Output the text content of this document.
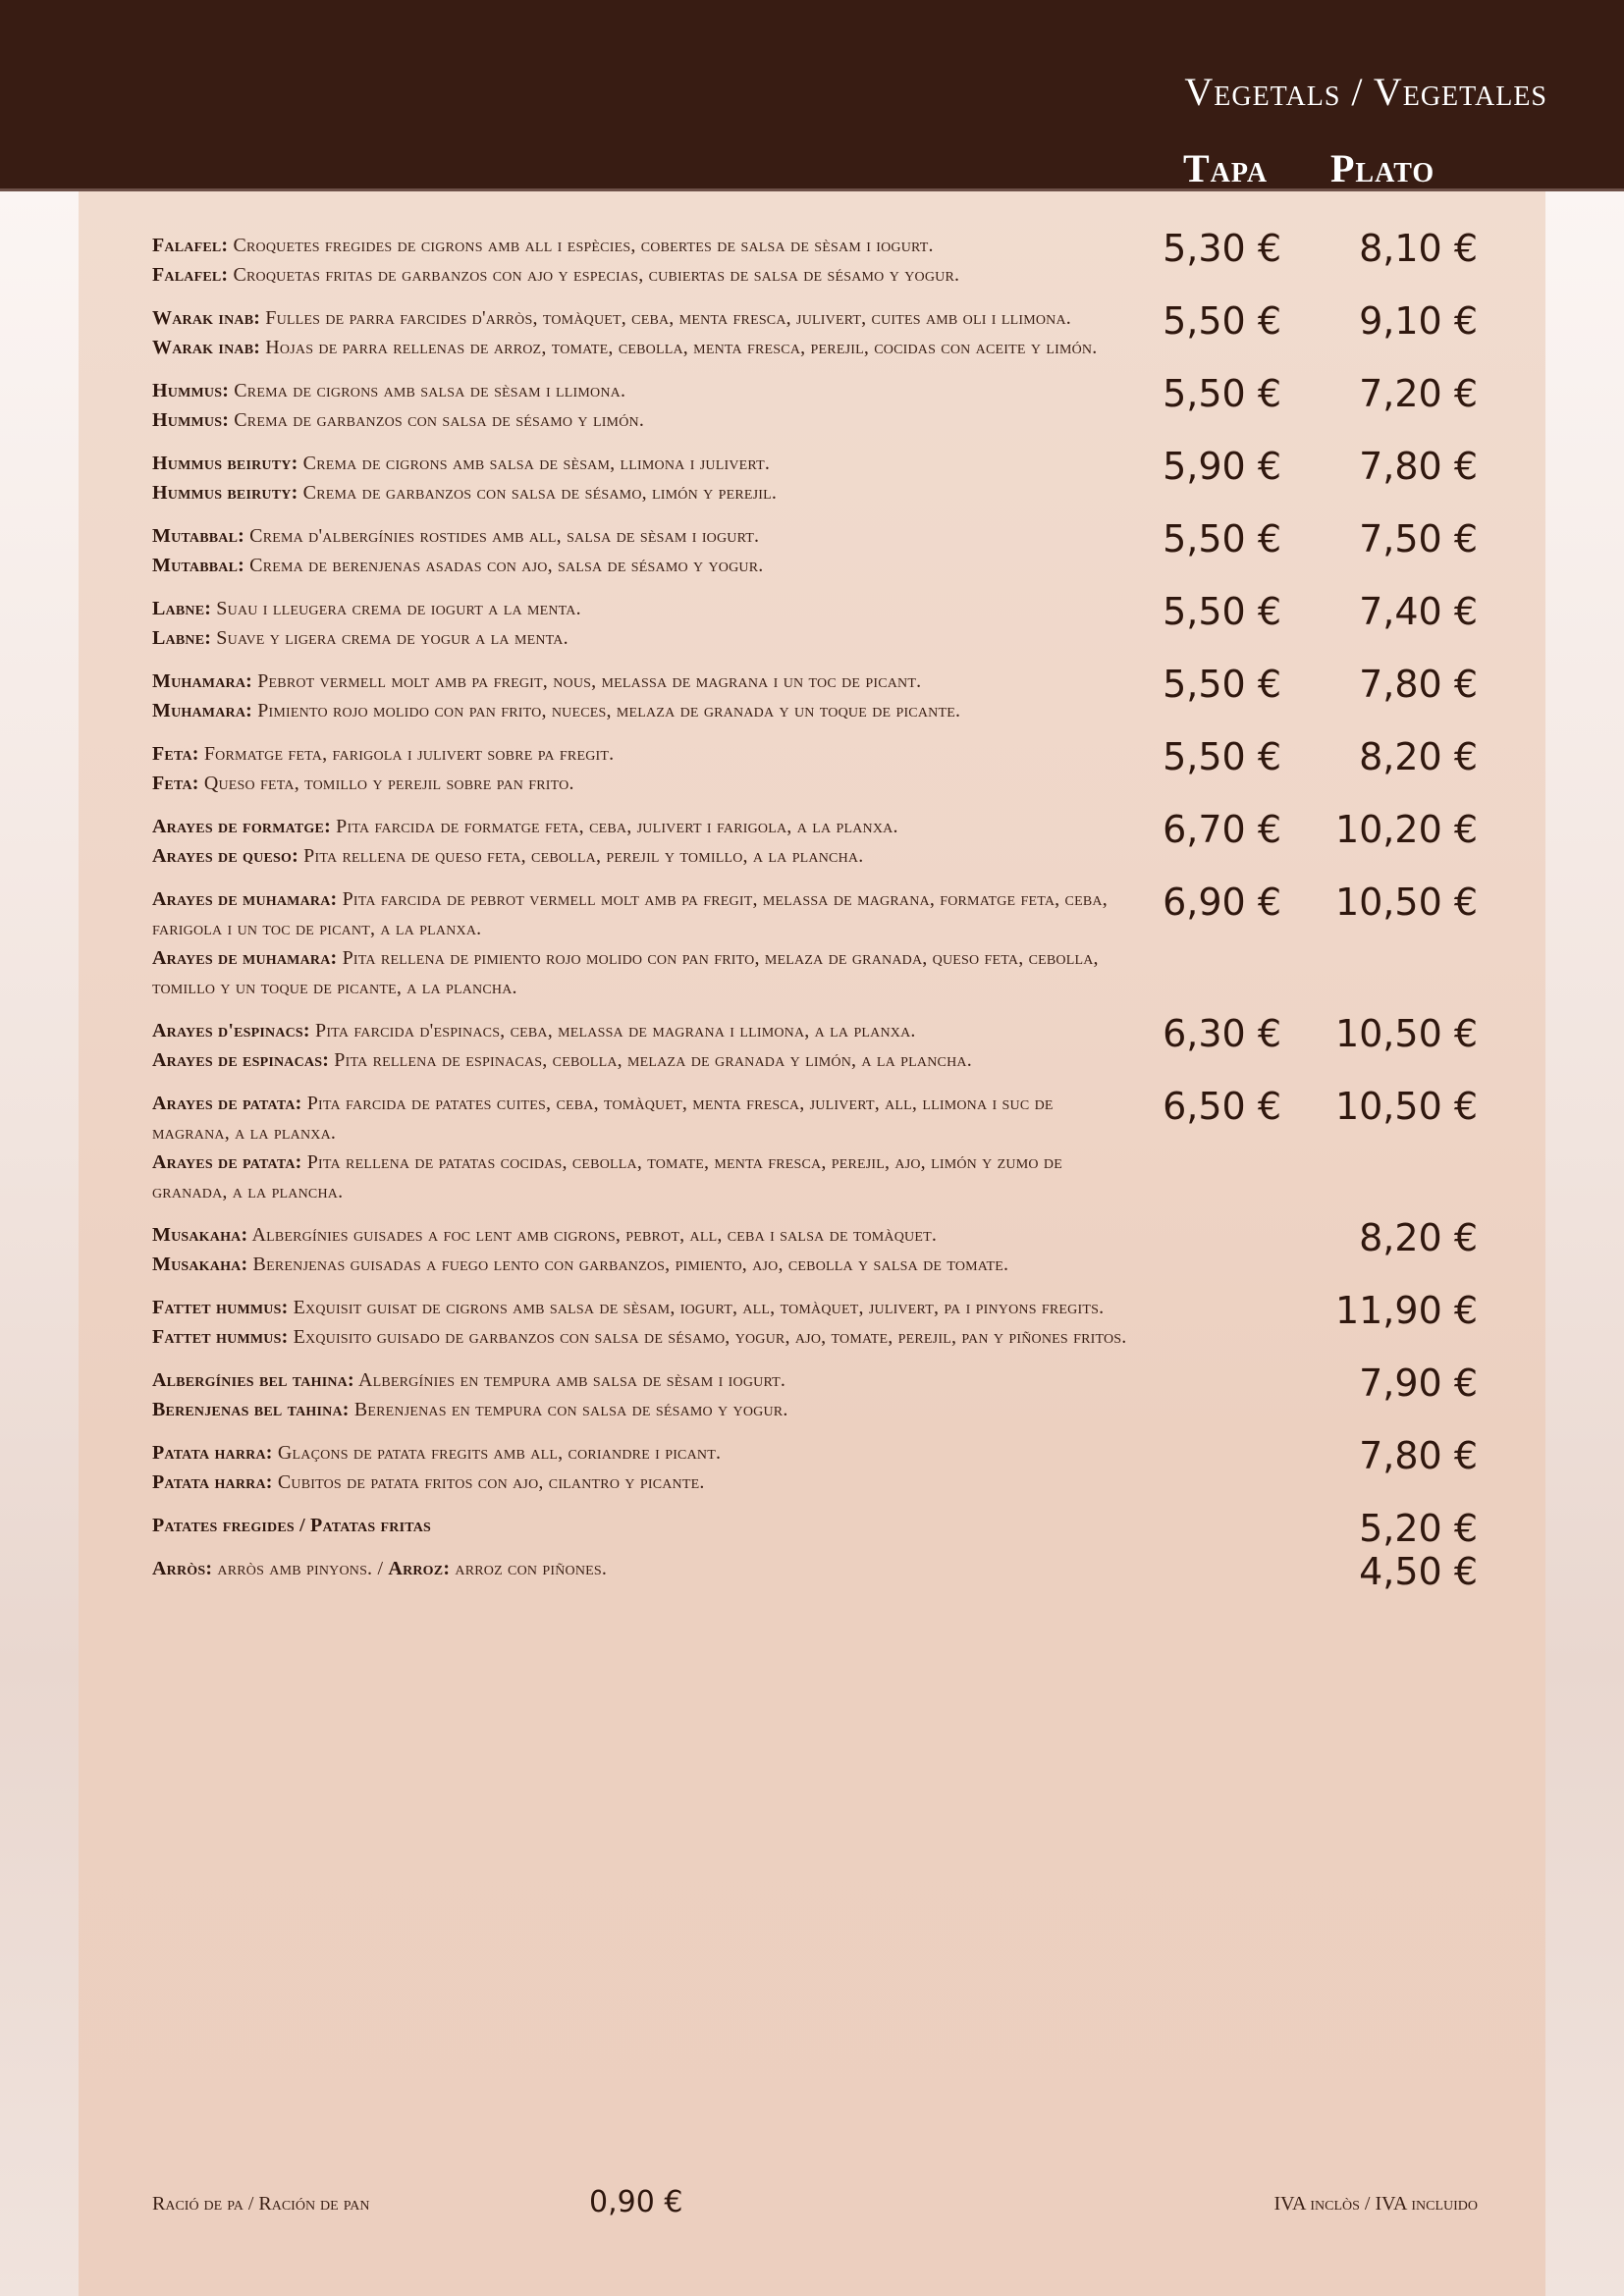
Vegetals / Vegetales
Tapa Plato
Falafel: Croquetes fregides de cigrons amb all i espècies, cobertes de salsa de sèsam i iogurt.
Falafel: Croquetas fritas de garbanzos con ajo y especias, cubiertas de salsa de sésamo y yogur.
5,30 € 8,10 €
Warak inab: Fulles de parra farcides d'arròs, tomàquet, ceba, menta fresca, julivert, cuites amb oli i llimona.
Warak inab: Hojas de parra rellenas de arroz, tomate, cebolla, menta fresca, perejil, cocidas con aceite y limón.
5,50 € 9,10 €
Hummus: Crema de cigrons amb salsa de sèsam i llimona.
Hummus: Crema de garbanzos con salsa de sésamo y limón.
5,50 € 7,20 €
Hummus beiruty: Crema de cigrons amb salsa de sèsam, llimona i julivert.
Hummus beiruty: Crema de garbanzos con salsa de sésamo, limón y perejil.
5,90 € 7,80 €
Mutabbal: Crema d'albergínies rostides amb all, salsa de sèsam i iogurt.
Mutabbal: Crema de berenjenas asadas con ajo, salsa de sésamo y yogur.
5,50 € 7,50 €
Labne: Suau i lleugera crema de iogurt a la menta.
Labne: Suave y ligera crema de yogur a la menta.
5,50 € 7,40 €
Muhamara: Pebrot vermell molt amb pa fregit, nous, melassa de magrana i un toc de picant.
Muhamara: Pimiento rojo molido con pan frito, nueces, melaza de granada y un toque de picante.
5,50 € 7,80 €
Feta: Formatge feta, farigola i julivert sobre pa fregit.
Feta: Queso feta, tomillo y perejil sobre pan frito.
5,50 € 8,20 €
Arayes de formatge: Pita farcida de formatge feta, ceba, julivert i farigola, a la planxa.
Arayes de queso: Pita rellena de queso feta, cebolla, perejil y tomillo, a la plancha.
6,70 € 10,20 €
Arayes de muhamara: Pita farcida de pebrot vermell molt amb pa fregit, melassa de magrana, formatge feta, ceba, farigola i un toc de picant, a la planxa.
Arayes de muhamara: Pita rellena de pimiento rojo molido con pan frito, melaza de granada, queso feta, cebolla, tomillo y un toque de picante, a la plancha.
6,90 € 10,50 €
Arayes d'espinacs: Pita farcida d'espinacs, ceba, melassa de magrana i llimona, a la planxa.
Arayes de espinacas: Pita rellena de espinacas, cebolla, melaza de granada y limón, a la plancha.
6,30 € 10,50 €
Arayes de patata: Pita farcida de patates cuites, ceba, tomàquet, menta fresca, julivert, all, llimona i suc de magrana, a la planxa.
Arayes de patata: Pita rellena de patatas cocidas, cebolla, tomate, menta fresca, perejil, ajo, limón y zumo de granada, a la plancha.
6,50 € 10,50 €
Musakaha: Albergínies guisades a foc lent amb cigrons, pebrot, all, ceba i salsa de tomàquet.
Musakaha: Berenjenas guisadas a fuego lento con garbanzos, pimiento, ajo, cebolla y salsa de tomate.
8,20 €
Fattet hummus: Exquisit guisat de cigrons amb salsa de sèsam, iogurt, all, tomàquet, julivert, pa i pinyons fregits.
Fattet hummus: Exquisito guisado de garbanzos con salsa de sésamo, yogur, ajo, tomate, perejil, pan y piñones fritos.
11,90 €
Albergínies bel tahina: Albergínies en tempura amb salsa de sèsam i iogurt.
Berenjenas bel tahina: Berenjenas en tempura con salsa de sésamo y yogur.
7,90 €
Patata harra: Glaçons de patata fregits amb all, coriandre i picant.
Patata harra: Cubitos de patata fritos con ajo, cilantro y picante.
7,80 €
Patates fregides / Patatas fritas	5,20 €
Arròs: arròs amb pinyons. / Arroz: arroz con piñones.	4,50 €
Ració de pa / Ración de pan	0,90 €	IVA inclòs / IVA incluido
